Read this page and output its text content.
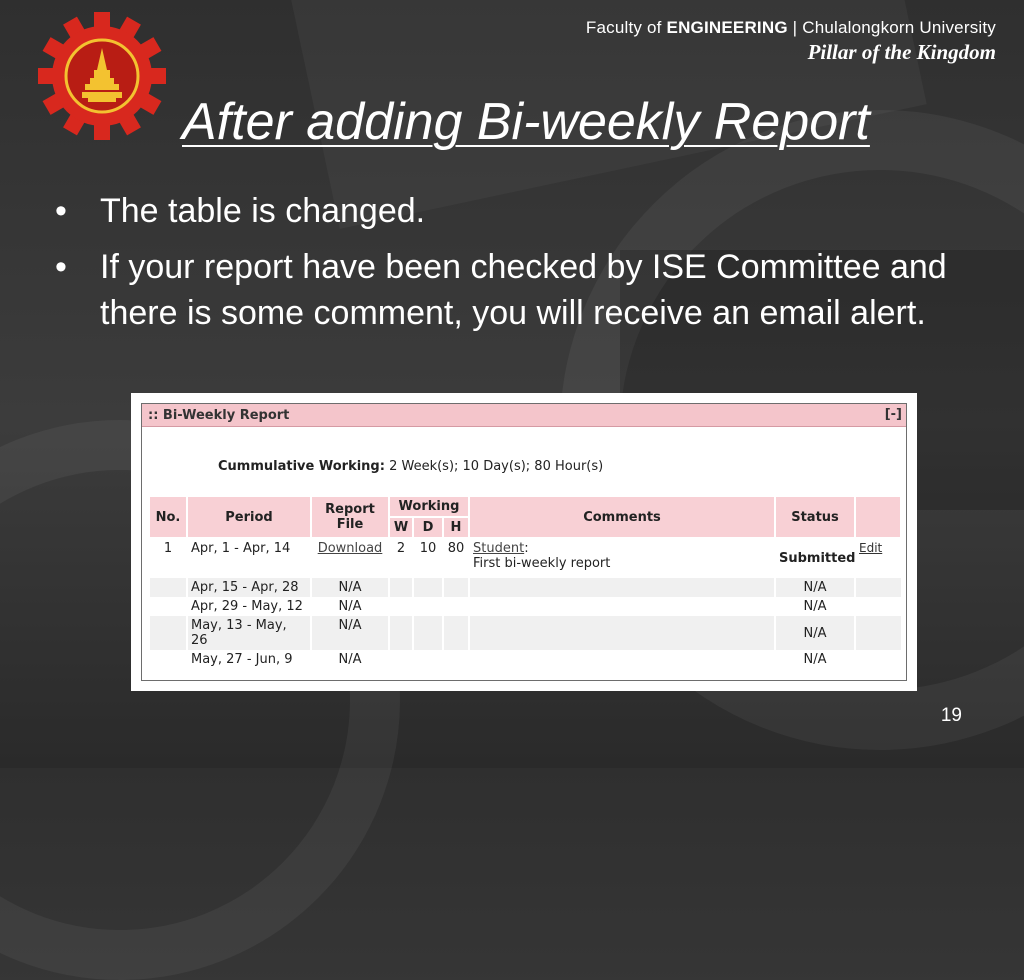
Faculty of ENGINEERING | Chulalongkorn University
Pillar of the Kingdom
After adding Bi-weekly Report
• The table is changed.
• If your report have been checked by ISE Committee and there is some comment, you will receive an email alert.
:: Bi-Weekly Report	[-]
Cummulative Working: 2 Week(s); 10 Day(s); 80 Hour(s)
No.	Period	Report File	Working			Comments	Status	
			W	D	H			
1	Apr, 1 - Apr, 14	Download	2	10	80	Student:
First bi-weekly report	Submitted	Edit
	Apr, 15 - Apr, 28	N/A					N/A	
	Apr, 29 - May, 12	N/A					N/A	
	May, 13 - May, 26	N/A					N/A	
	May, 27 - Jun, 9	N/A					N/A	
19
